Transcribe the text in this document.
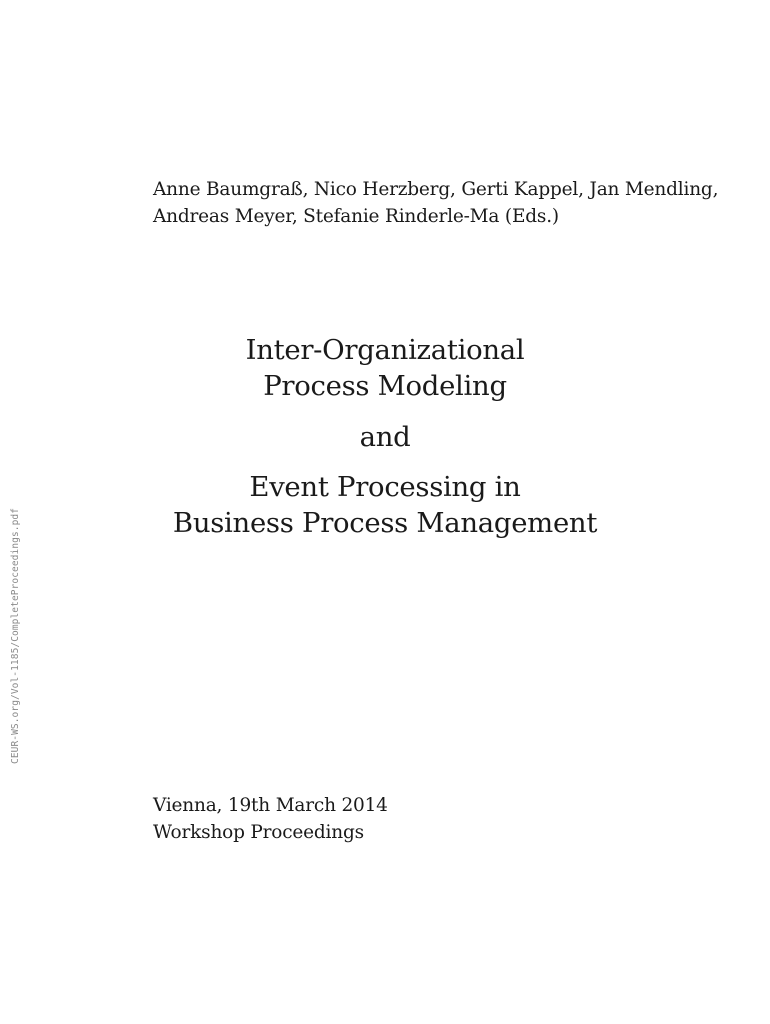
Anne Baumgraß, Nico Herzberg, Gerti Kappel, Jan Mendling,
Andreas Meyer, Stefanie Rinderle-Ma (Eds.)
Inter-Organizational
Process Modeling
and
Event Processing in
Business Process Management
Vienna, 19th March 2014
Workshop Proceedings
CEUR-WS.org/Vol-1185/CompleteProceedings.pdf
